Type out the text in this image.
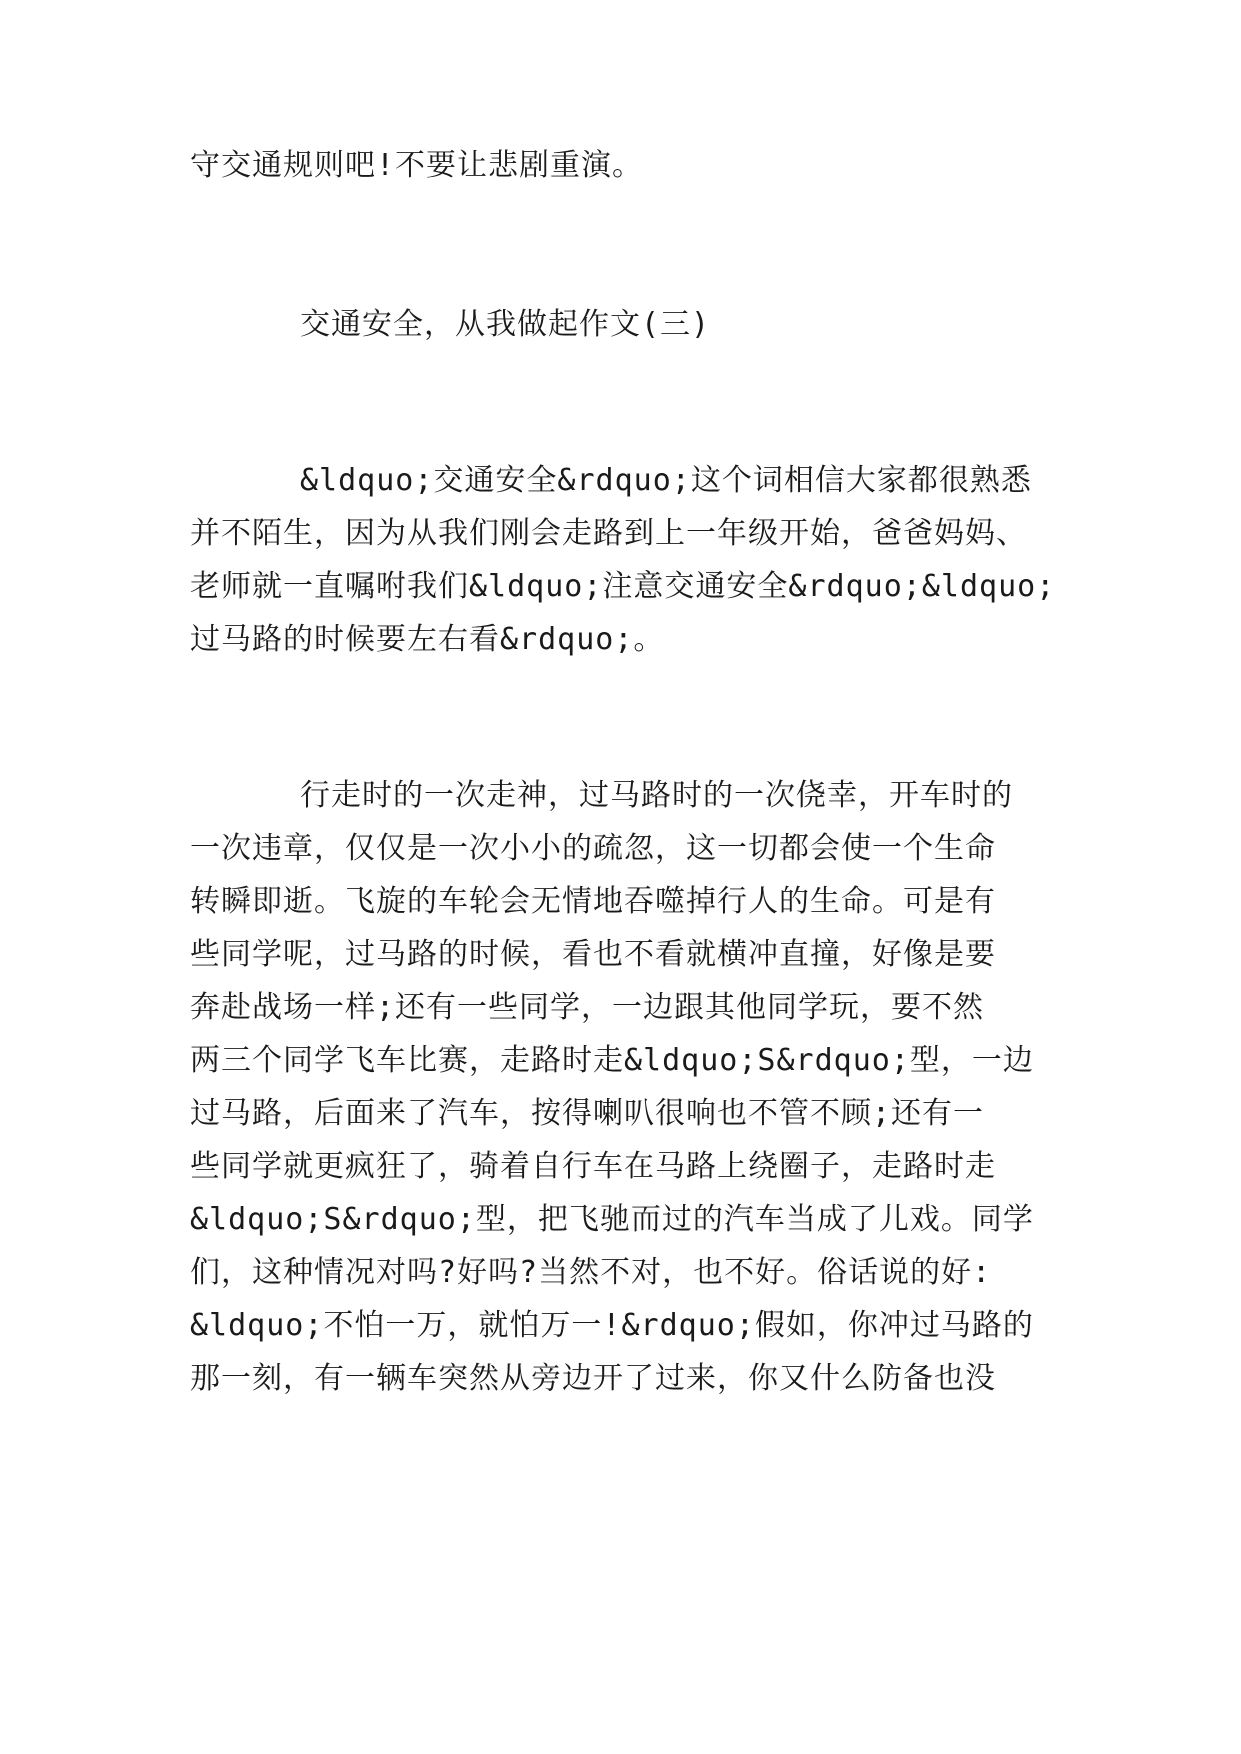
守交通规则吧!不要让悲剧重演。
交通安全，从我做起作文(三)
&ldquo;交通安全&rdquo;这个词相信大家都很熟悉
并不陌生，因为从我们刚会走路到上一年级开始，爸爸妈妈、
老师就一直嘱咐我们&ldquo;注意交通安全&rdquo;&ldquo;
过马路的时候要左右看&rdquo;。
行走时的一次走神，过马路时的一次侥幸，开车时的
一次违章，仅仅是一次小小的疏忽，这一切都会使一个生命
转瞬即逝。飞旋的车轮会无情地吞噬掉行人的生命。可是有
些同学呢，过马路的时候，看也不看就横冲直撞，好像是要
奔赴战场一样;还有一些同学，一边跟其他同学玩，要不然
两三个同学飞车比赛，走路时走&ldquo;S&rdquo;型，一边
过马路，后面来了汽车，按得喇叭很响也不管不顾;还有一
些同学就更疯狂了，骑着自行车在马路上绕圈子，走路时走
&ldquo;S&rdquo;型，把飞驰而过的汽车当成了儿戏。同学
们，这种情况对吗?好吗?当然不对，也不好。俗话说的好:
&ldquo;不怕一万，就怕万一!&rdquo;假如，你冲过马路的
那一刻，有一辆车突然从旁边开了过来，你又什么防备也没
